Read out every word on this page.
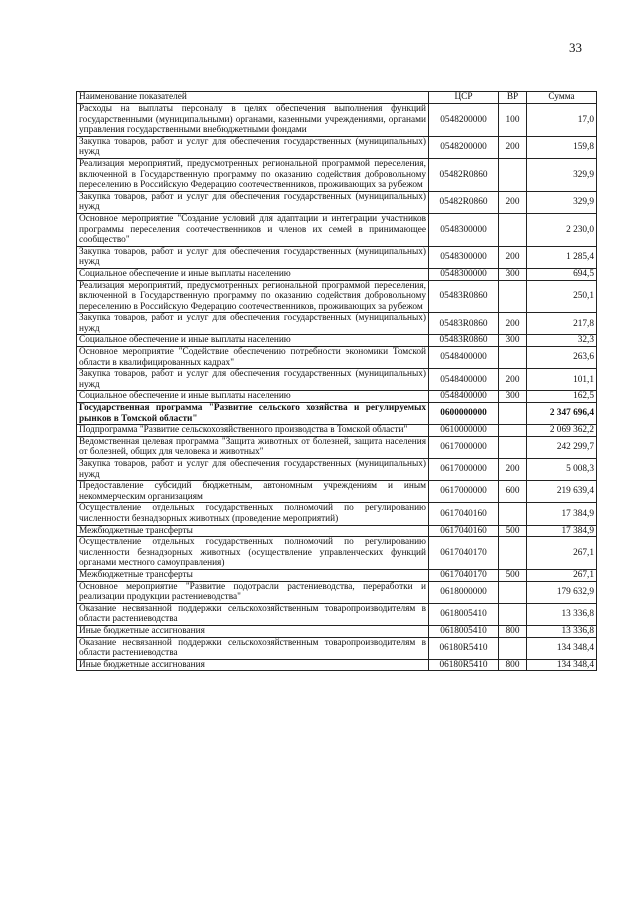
33
Наименование показателей	ЦСР	ВР	Сумма
Расходы на выплаты персоналу в целях обеспечения выполнения функций государственными (муниципальными) органами, казенными учреждениями, органами управления государственными внебюджетными фондами	0548200000	100	17,0
Закупка товаров, работ и услуг для обеспечения государственных (муниципальных) нужд	0548200000	200	159,8
Реализация мероприятий, предусмотренных региональной программой переселения, включенной в Государственную программу по оказанию содействия добровольному переселению в Российскую Федерацию соотечественников, проживающих за рубежом	05482R0860		329,9
Закупка товаров, работ и услуг для обеспечения государственных (муниципальных) нужд	05482R0860	200	329,9
Основное мероприятие "Создание условий для адаптации и интеграции участников программы переселения соотечественников и членов их семей в принимающее сообщество"	0548300000		2 230,0
Закупка товаров, работ и услуг для обеспечения государственных (муниципальных) нужд	0548300000	200	1 285,4
Социальное обеспечение и иные выплаты населению	0548300000	300	694,5
Реализация мероприятий, предусмотренных региональной программой переселения, включенной в Государственную программу по оказанию содействия добровольному переселению в Российскую Федерацию соотечественников, проживающих за рубежом	05483R0860		250,1
Закупка товаров, работ и услуг для обеспечения государственных (муниципальных) нужд	05483R0860	200	217,8
Социальное обеспечение и иные выплаты населению	05483R0860	300	32,3
Основное мероприятие "Содействие обеспечению потребности экономики Томской области в квалифицированных кадрах"	0548400000		263,6
Закупка товаров, работ и услуг для обеспечения государственных (муниципальных) нужд	0548400000	200	101,1
Социальное обеспечение и иные выплаты населению	0548400000	300	162,5
Государственная программа "Развитие сельского хозяйства и регулируемых рынков в Томской области"	0600000000		2 347 696,4
Подпрограмма "Развитие сельскохозяйственного производства в Томской области"	0610000000		2 069 362,2
Ведомственная целевая программа "Защита животных от болезней, защита населения от болезней, общих для человека и животных"	0617000000		242 299,7
Закупка товаров, работ и услуг для обеспечения государственных (муниципальных) нужд	0617000000	200	5 008,3
Предоставление субсидий бюджетным, автономным учреждениям и иным некоммерческим организациям	0617000000	600	219 639,4
Осуществление отдельных государственных полномочий по регулированию численности безнадзорных животных (проведение мероприятий)	0617040160		17 384,9
Межбюджетные трансферты	0617040160	500	17 384,9
Осуществление отдельных государственных полномочий по регулированию численности безнадзорных животных (осуществление управленческих функций органами местного самоуправления)	0617040170		267,1
Межбюджетные трансферты	0617040170	500	267,1
Основное мероприятие "Развитие подотрасли растениеводства, переработки и реализации продукции растениеводства"	0618000000		179 632,9
Оказание несвязанной поддержки сельскохозяйственным товаропроизводителям в области растениеводства	0618005410		13 336,8
Иные бюджетные ассигнования	0618005410	800	13 336,8
Оказание несвязанной поддержки сельскохозяйственным товаропроизводителям в области растениеводства	06180R5410		134 348,4
Иные бюджетные ассигнования	06180R5410	800	134 348,4
